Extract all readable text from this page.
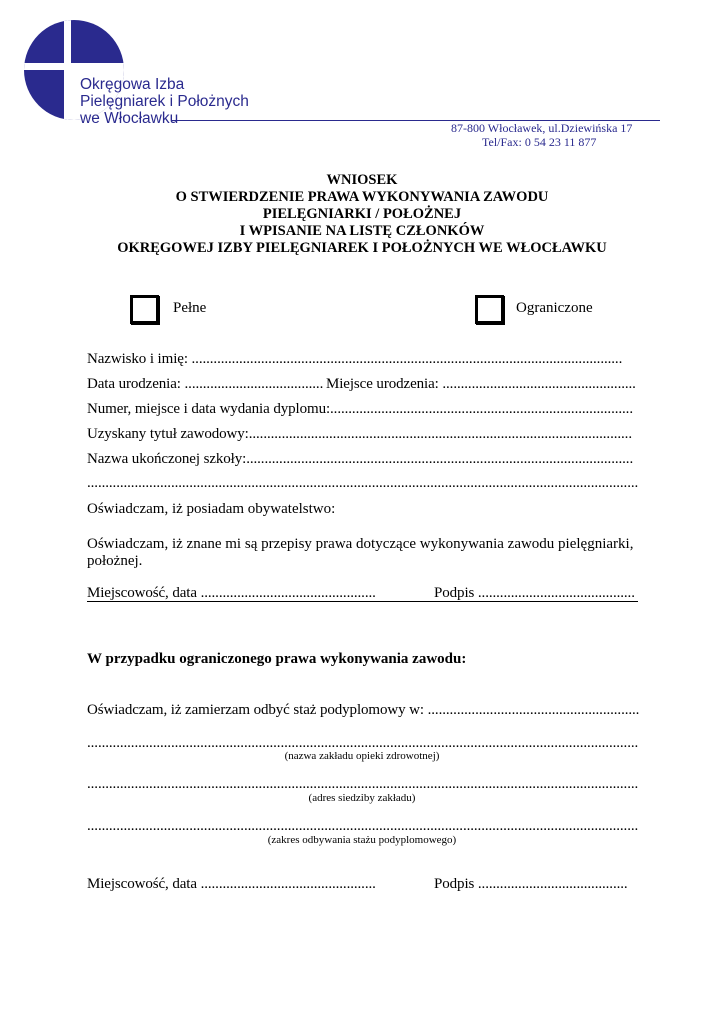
Okręgowa Izba
Pielęgniarek i Położnych
we Włocławku
87-800 Włocławek, ul.Dziewińska 17
Tel/Fax: 0 54 23 11 877
WNIOSEK
O STWIERDZENIE PRAWA WYKONYWANIA ZAWODU
PIELĘGNIARKI / POŁOŻNEJ
I WPISANIE NA LISTĘ CZŁONKÓW
OKRĘGOWEJ IZBY PIELĘGNIAREK I POŁOŻNYCH WE WŁOCŁAWKU
Pełne	Ograniczone
Nazwisko i imię: ......................................................................................................................
Data urodzenia: ...................................... Miejsce urodzenia: .....................................................
Numer, miejsce i data wydania dyplomu:...................................................................................
Uzyskany tytuł zawodowy:.........................................................................................................
Nazwa ukończonej szkoły:..........................................................................................................
.......................................................................................................................................................
Oświadczam, iż posiadam obywatelstwo:
Oświadczam, iż znane mi są przepisy prawa dotyczące wykonywania zawodu pielęgniarki,
położnej.
Miejscowość, data ................................................	Podpis ...........................................
W przypadku ograniczonego prawa wykonywania zawodu:
Oświadczam, iż zamierzam odbyć staż podyplomowy w: ..........................................................
.......................................................................................................................................................
(nazwa zakładu opieki zdrowotnej)
.......................................................................................................................................................
(adres siedziby zakładu)
.......................................................................................................................................................
(zakres odbywania stażu podyplomowego)
Miejscowość, data ................................................	Podpis .........................................
